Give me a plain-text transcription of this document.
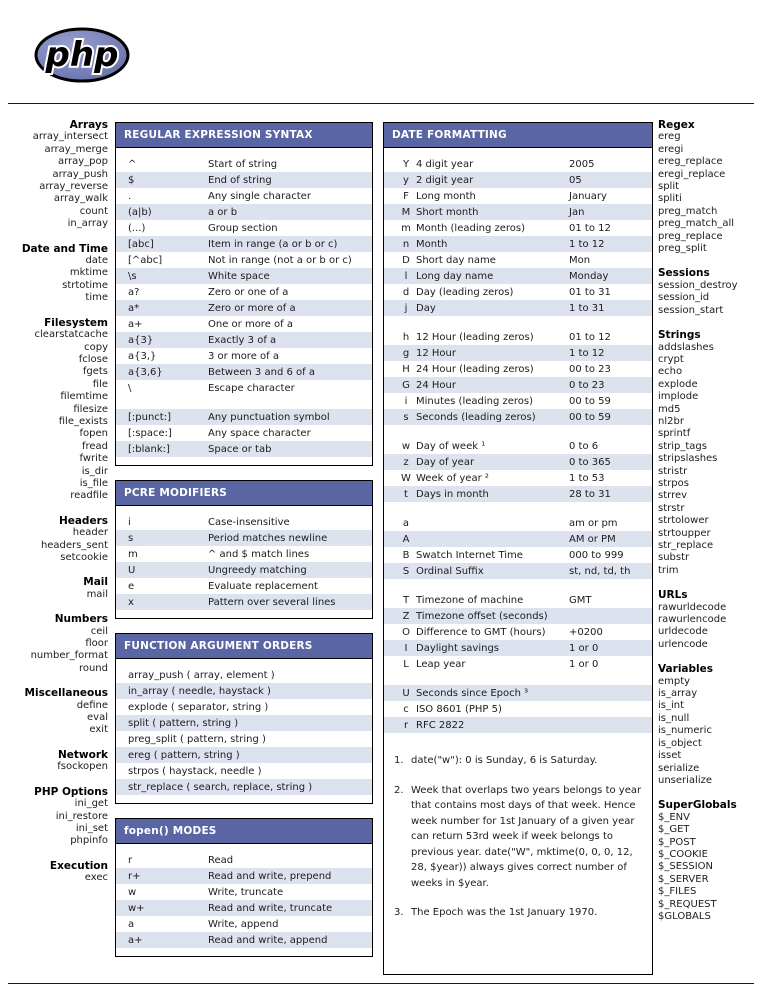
php
Arrays
array_intersect
array_merge
array_pop
array_push
array_reverse
array_walk
count
in_array
Date and Time
date
mktime
strtotime
time
Filesystem
clearstatcache
copy
fclose
fgets
file
filemtime
filesize
file_exists
fopen
fread
fwrite
is_dir
is_file
readfile
Headers
header
headers_sent
setcookie
Mail
mail
Numbers
ceil
floor
number_format
round
Miscellaneous
define
eval
exit
Network
fsockopen
PHP Options
ini_get
ini_restore
ini_set
phpinfo
Execution
exec
REGULAR EXPRESSION SYNTAX
^	Start of string
$	End of string
.	Any single character
(a|b)	a or b
(...)	Group section
[abc]	Item in range (a or b or c)
[^abc]	Not in range (not a or b or c)
\s	White space
a?	Zero or one of a
a*	Zero or more of a
a+	One or more of a
a{3}	Exactly 3 of a
a{3,}	3 or more of a
a{3,6}	Between 3 and 6 of a
\	Escape character
[:punct:]	Any punctuation symbol
[:space:]	Any space character
[:blank:]	Space or tab
PCRE MODIFIERS
i	Case-insensitive
s	Period matches newline
m	^ and $ match lines
U	Ungreedy matching
e	Evaluate replacement
x	Pattern over several lines
FUNCTION ARGUMENT ORDERS
array_push ( array, element )
in_array ( needle, haystack )
explode ( separator, string )
split ( pattern, string )
preg_split ( pattern, string )
ereg ( pattern, string )
strpos ( haystack, needle )
str_replace ( search, replace, string )
fopen() MODES
r	Read
r+	Read and write, prepend
w	Write, truncate
w+	Read and write, truncate
a	Write, append
a+	Read and write, append
DATE FORMATTING
Y 4 digit year	2005
y 2 digit year	05
F Long month	January
M Short month	Jan
m Month (leading zeros)	01 to 12
n Month	1 to 12
D Short day name	Mon
l Long day name	Monday
d Day (leading zeros)	01 to 31
j Day	1 to 31
h 12 Hour (leading zeros)	01 to 12
g 12 Hour	1 to 12
H 24 Hour (leading zeros)	00 to 23
G 24 Hour	0 to 23
i Minutes (leading zeros)	00 to 59
s Seconds (leading zeros)	00 to 59
w Day of week ¹	0 to 6
z Day of year	0 to 365
W Week of year ²	1 to 53
t Days in month	28 to 31
a	am or pm
A	AM or PM
B Swatch Internet Time	000 to 999
S Ordinal Suffix	st, nd, td, th
T Timezone of machine	GMT
Z Timezone offset (seconds)
O Difference to GMT (hours)	+0200
I Daylight savings	1 or 0
L Leap year	1 or 0
U Seconds since Epoch ³
c ISO 8601 (PHP 5)
r RFC 2822
1. date("w"): 0 is Sunday, 6 is Saturday.
2. Week that overlaps two years belongs to year that contains most days of that week. Hence week number for 1st January of a given year can return 53rd week if week belongs to previous year. date("W", mktime(0, 0, 0, 12, 28, $year)) always gives correct number of weeks in $year.
3. The Epoch was the 1st January 1970.
Regex
ereg
eregi
ereg_replace
eregi_replace
split
spliti
preg_match
preg_match_all
preg_replace
preg_split
Sessions
session_destroy
session_id
session_start
Strings
addslashes
crypt
echo
explode
implode
md5
nl2br
sprintf
strip_tags
stripslashes
stristr
strpos
strrev
strstr
strtolower
strtoupper
str_replace
substr
trim
URLs
rawurldecode
rawurlencode
urldecode
urlencode
Variables
empty
is_array
is_int
is_null
is_numeric
is_object
isset
serialize
unserialize
SuperGlobals
$_ENV
$_GET
$_POST
$_COOKIE
$_SESSION
$_SERVER
$_FILES
$_REQUEST
$GLOBALS
